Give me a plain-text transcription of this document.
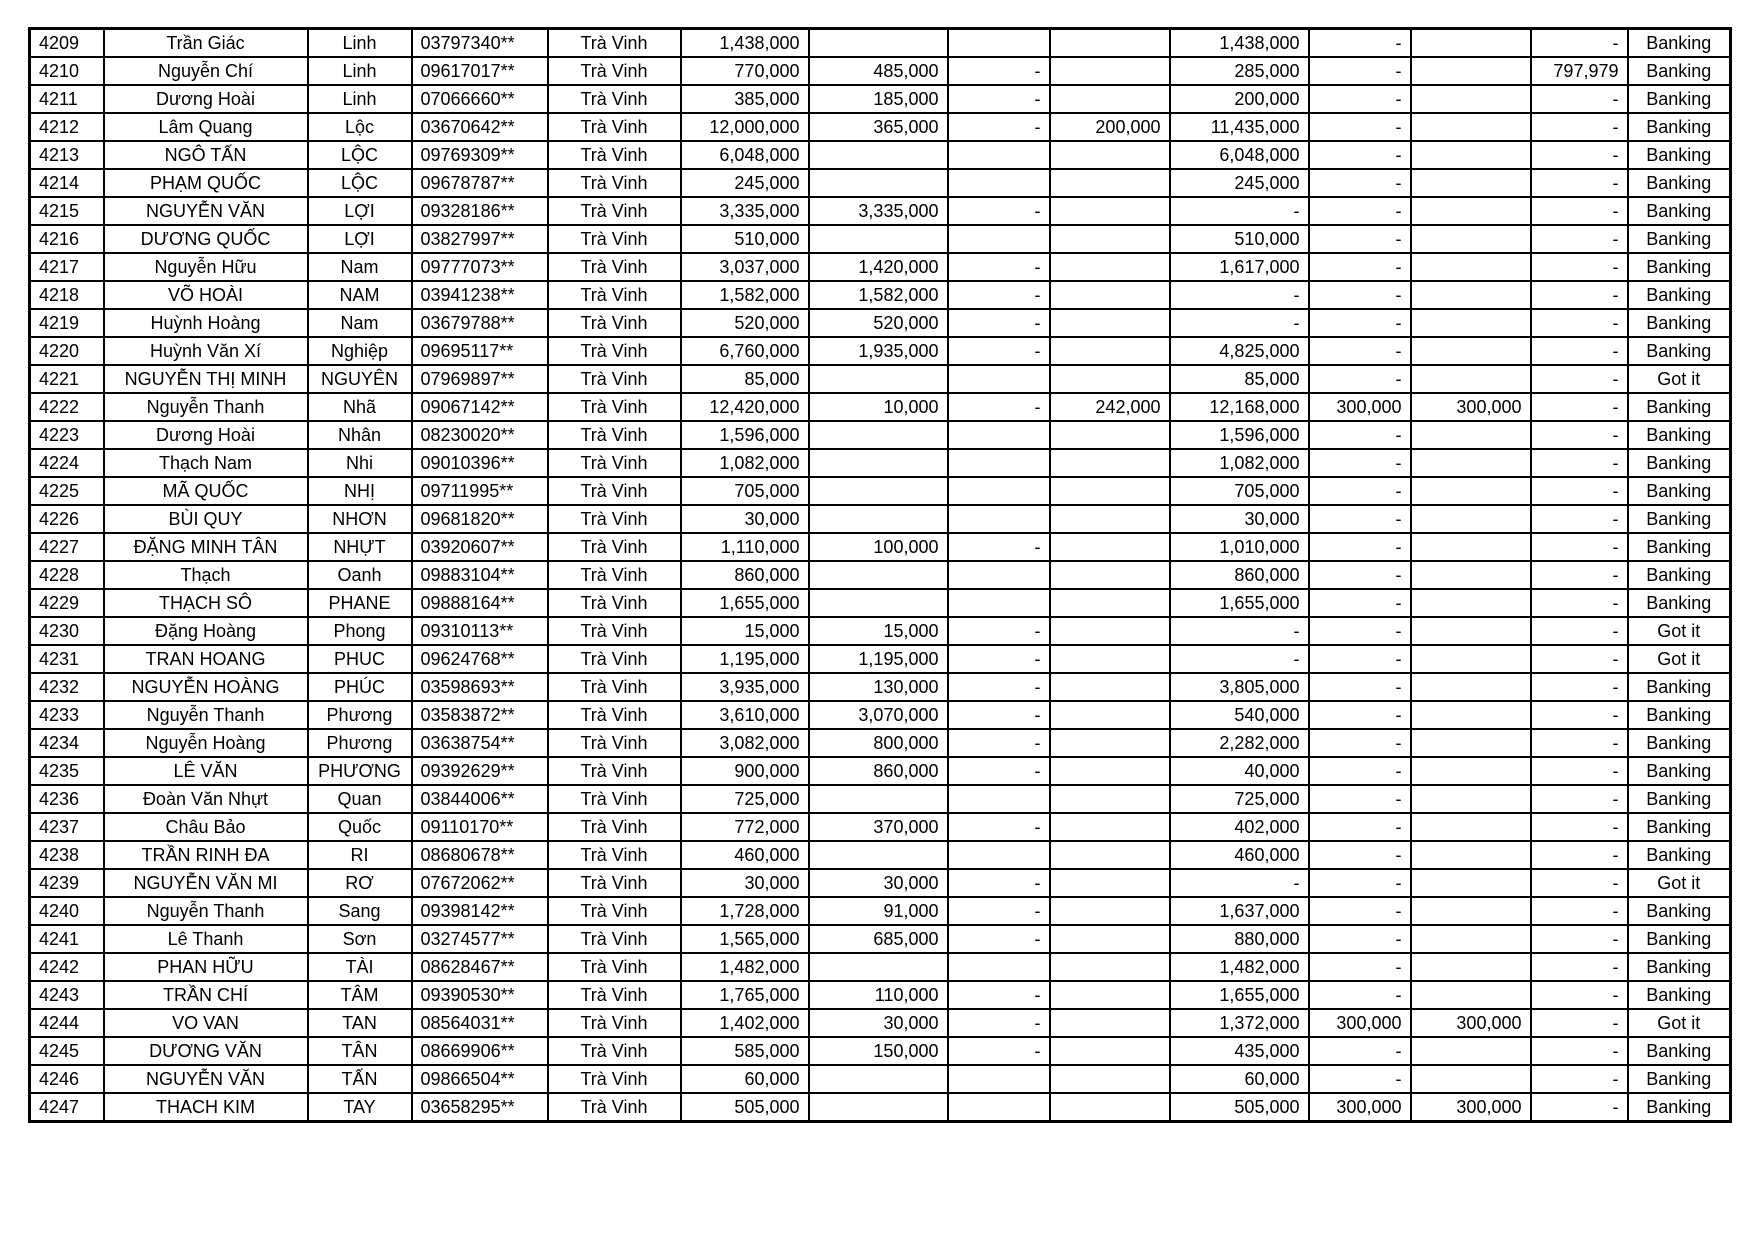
4209	Trần Giác	Linh	03797340**	Trà Vinh	1,438,000				1,438,000	-		-	Banking
4210	Nguyễn Chí	Linh	09617017**	Trà Vinh	770,000	485,000	-		285,000	-		797,979	Banking
4211	Dương Hoài	Linh	07066660**	Trà Vinh	385,000	185,000	-		200,000	-		-	Banking
4212	Lâm Quang	Lộc	03670642**	Trà Vinh	12,000,000	365,000	-	200,000	11,435,000	-		-	Banking
4213	NGÔ TẤN	LỘC	09769309**	Trà Vinh	6,048,000				6,048,000	-		-	Banking
4214	PHẠM QUỐC	LỘC	09678787**	Trà Vinh	245,000				245,000	-		-	Banking
4215	NGUYỄN VĂN	LỢI	09328186**	Trà Vinh	3,335,000	3,335,000	-		-	-		-	Banking
4216	DƯƠNG QUỐC	LỢI	03827997**	Trà Vinh	510,000				510,000	-		-	Banking
4217	Nguyễn Hữu	Nam	09777073**	Trà Vinh	3,037,000	1,420,000	-		1,617,000	-		-	Banking
4218	VÕ HOÀI	NAM	03941238**	Trà Vinh	1,582,000	1,582,000	-		-	-		-	Banking
4219	Huỳnh Hoàng	Nam	03679788**	Trà Vinh	520,000	520,000	-		-	-		-	Banking
4220	Huỳnh Văn Xí	Nghiệp	09695117**	Trà Vinh	6,760,000	1,935,000	-		4,825,000	-		-	Banking
4221	NGUYỄN THỊ MINH	NGUYÊN	07969897**	Trà Vinh	85,000				85,000	-		-	Got it
4222	Nguyễn Thanh	Nhã	09067142**	Trà Vinh	12,420,000	10,000	-	242,000	12,168,000	300,000	300,000	-	Banking
4223	Dương Hoài	Nhân	08230020**	Trà Vinh	1,596,000				1,596,000	-		-	Banking
4224	Thạch Nam	Nhi	09010396**	Trà Vinh	1,082,000				1,082,000	-		-	Banking
4225	MÃ QUỐC	NHỊ	09711995**	Trà Vinh	705,000				705,000	-		-	Banking
4226	BÙI QUY	NHƠN	09681820**	Trà Vinh	30,000				30,000	-		-	Banking
4227	ĐẶNG MINH TÂN	NHỰT	03920607**	Trà Vinh	1,110,000	100,000	-		1,010,000	-		-	Banking
4228	Thạch	Oanh	09883104**	Trà Vinh	860,000				860,000	-		-	Banking
4229	THẠCH SÔ	PHANE	09888164**	Trà Vinh	1,655,000				1,655,000	-		-	Banking
4230	Đặng Hoàng	Phong	09310113**	Trà Vinh	15,000	15,000	-		-	-		-	Got it
4231	TRAN HOANG	PHUC	09624768**	Trà Vinh	1,195,000	1,195,000	-		-	-		-	Got it
4232	NGUYỄN HOÀNG	PHÚC	03598693**	Trà Vinh	3,935,000	130,000	-		3,805,000	-		-	Banking
4233	Nguyễn Thanh	Phương	03583872**	Trà Vinh	3,610,000	3,070,000	-		540,000	-		-	Banking
4234	Nguyễn Hoàng	Phương	03638754**	Trà Vinh	3,082,000	800,000	-		2,282,000	-		-	Banking
4235	LÊ VĂN	PHƯƠNG	09392629**	Trà Vinh	900,000	860,000	-		40,000	-		-	Banking
4236	Đoàn Văn Nhựt	Quan	03844006**	Trà Vinh	725,000				725,000	-		-	Banking
4237	Châu Bảo	Quốc	09110170**	Trà Vinh	772,000	370,000	-		402,000	-		-	Banking
4238	TRẦN RINH ĐA	RI	08680678**	Trà Vinh	460,000				460,000	-		-	Banking
4239	NGUYỄN VĂN MI	RƠ	07672062**	Trà Vinh	30,000	30,000	-		-	-		-	Got it
4240	Nguyễn Thanh	Sang	09398142**	Trà Vinh	1,728,000	91,000	-		1,637,000	-		-	Banking
4241	Lê Thanh	Sơn	03274577**	Trà Vinh	1,565,000	685,000	-		880,000	-		-	Banking
4242	PHAN HỮU	TÀI	08628467**	Trà Vinh	1,482,000				1,482,000	-		-	Banking
4243	TRẦN CHÍ	TÂM	09390530**	Trà Vinh	1,765,000	110,000	-		1,655,000	-		-	Banking
4244	VO VAN	TAN	08564031**	Trà Vinh	1,402,000	30,000	-		1,372,000	300,000	300,000	-	Got it
4245	DƯƠNG VĂN	TÂN	08669906**	Trà Vinh	585,000	150,000	-		435,000	-		-	Banking
4246	NGUYỄN VĂN	TẤN	09866504**	Trà Vinh	60,000				60,000	-		-	Banking
4247	THACH KIM	TAY	03658295**	Trà Vinh	505,000				505,000	300,000	300,000	-	Banking
